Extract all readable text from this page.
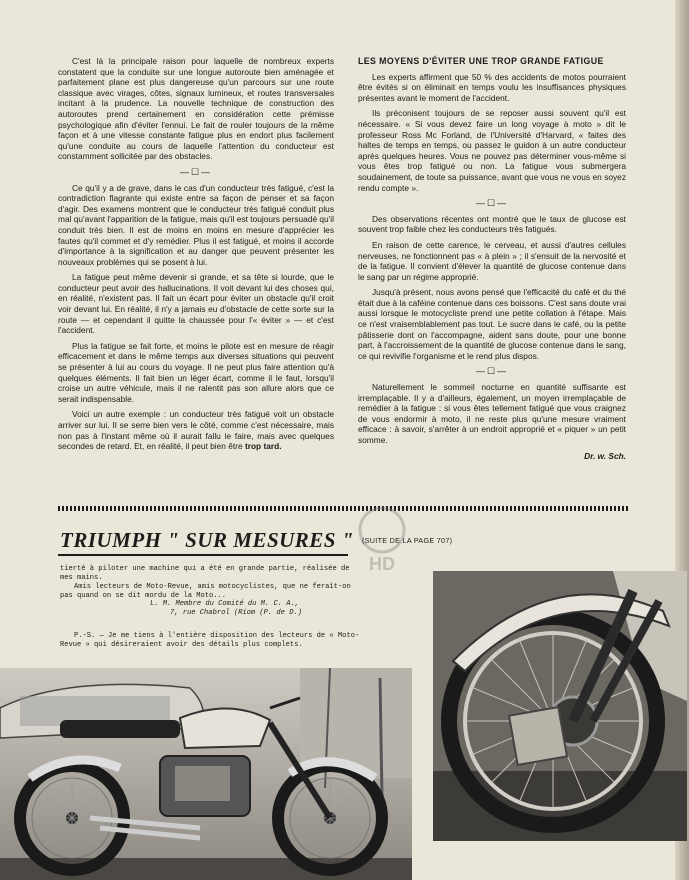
C'est là la principale raison pour laquelle de nombreux experts constatent que la conduite sur une longue autoroute bien aménagée et parfaitement plane est plus dangereuse qu'un parcours sur une route classique avec virages, côtes, signaux lumineux, et routes transversales incitant à la prudence. La nouvelle technique de construction des autoroutes prend certainement en considération cette prémisse psychologique afin d'éviter l'ennui. Le fait de rouler toujours de la même façon et à une vitesse constante fatigue plus en endort plus facilement qu'une conduite au cours de laquelle l'attention du conducteur est constamment sollicitée par des obstacles.

—☐—

Ce qu'il y a de grave, dans le cas d'un conducteur très fatigué, c'est la contradiction flagrante qui existe entre sa façon de penser et sa façon d'agir. Des examens montrent que le conducteur très fatigué conduit plus mal qu'avant l'apparition de la fatigue, mais qu'il est toujours persuadé qu'il conduit très bien. Il est de moins en moins en mesure d'apprécier les fautes qu'il commet et d'y remédier. Plus il est fatigué, et moins il accorde d'importance à la signification et au danger que peuvent présenter les nouveaux problèmes qui se posent à lui.

La fatigue peut même devenir si grande, et sa tête si lourde, que le conducteur peut avoir des hallucinations. Il voit devant lui des choses qui, en réalité, n'existent pas. Il fait un écart pour éviter un obstacle qu'il croit voir devant lui. En réalité, il n'y a jamais eu d'obstacle de cette sorte sur la route — et cependant il quitte la chaussée pour l'« éviter » — et c'est l'accident.

Plus la fatigue se fait forte, et moins le pilote est en mesure de réagir efficacement et dans le même temps aux diverses situations qui peuvent se présenter à lui au cours du voyage. Il ne peut plus faire attention qu'à quelques éléments. Il fait bien un léger écart, comme il le faut, lorsqu'il croise un autre véhicule, mais il ne ralentit pas son allure alors que ce serait indispensable.

Voici un autre exemple : un conducteur très fatigué voit un obstacle arriver sur lui. Il se serre bien vers le côté, comme c'est nécessaire, mais non pas à l'instant même où il aurait fallu le faire, mais avec quelques secondes de retard. Et, en réalité, il peut bien être trop tard.

LES MOYENS D'ÉVITER UNE TROP GRANDE FATIGUE

Les experts affirment que 50 % des accidents de motos pourraient être évités si on éliminait en temps voulu les insuffisances physiques présentes avant le moment de l'accident.

Ils préconisent toujours de se reposer aussi souvent qu'il est nécessaire. « Si vous devez faire un long voyage à moto » dit le professeur Ross Mc Forland, de l'Université d'Harvard, « faites des haltes de temps en temps, ou passez le guidon à un autre conducteur après quelques heures. Vous ne pouvez pas déterminer vous-même si vous êtes trop fatigué ou non. La fatigue vous submergera soudainement, de toute sa puissance, avant que vous ne vous en soyez rendu compte ».

—☐—

Des observations récentes ont montré que le taux de glucose est souvent trop faible chez les conducteurs très fatigués.

En raison de cette carence, le cerveau, et aussi d'autres cellules nerveuses, ne fonctionnent pas « à plein » ; il s'ensuit de la nervosité et de la fatigue. Il convient d'élever la quantité de glucose contenue dans le sang par un régime approprié.

Jusqu'à présent, nous avons pensé que l'efficacité du café et du thé était due à la caféine contenue dans ces boissons. C'est sans doute vrai aussi lorsque le motocycliste prend une petite collation à l'étape. Mais ce n'est vraisemblablement pas tout. Le sucre dans le café, ou la petite pâtisserie dont on l'accompagne, aident sans doute, pour une bonne part, à l'accroissement de la quantité de glucose contenue dans le sang, ce qui revivifie l'organisme et le rend plus dispos.

—☐—

Naturellement le sommeil nocturne en quantité suffisante est irremplaçable. Il y a d'ailleurs, également, un moyen irremplaçable de remédier à la fatigue : si vous êtes tellement fatigué que vous craignez de vous endormir à moto, il ne reste plus qu'une mesure vraiment efficace : à savoir, s'arrêter à un endroit approprié et « piquer » un petit somme.

Dr. w. Sch.

HD
TRIUMPH " SUR MESURES " (SUITE DE LA PAGE 707)

tierté à piloter une machine qui a été en grande partie, réalisée de mes mains.

Amis lecteurs de Moto-Revue, amis motocyclistes, que ne feraît-on pas quand on se dit mordu de la Moto...

L. M. Membre du Comité du M. C. A.,

7, rue Chabrol (Riom (P. de D.)

P.-S. — Je me tiens à l'entière disposition des lecteurs de « Moto-Revue » qui désireraient avoir des détails plus complets.
